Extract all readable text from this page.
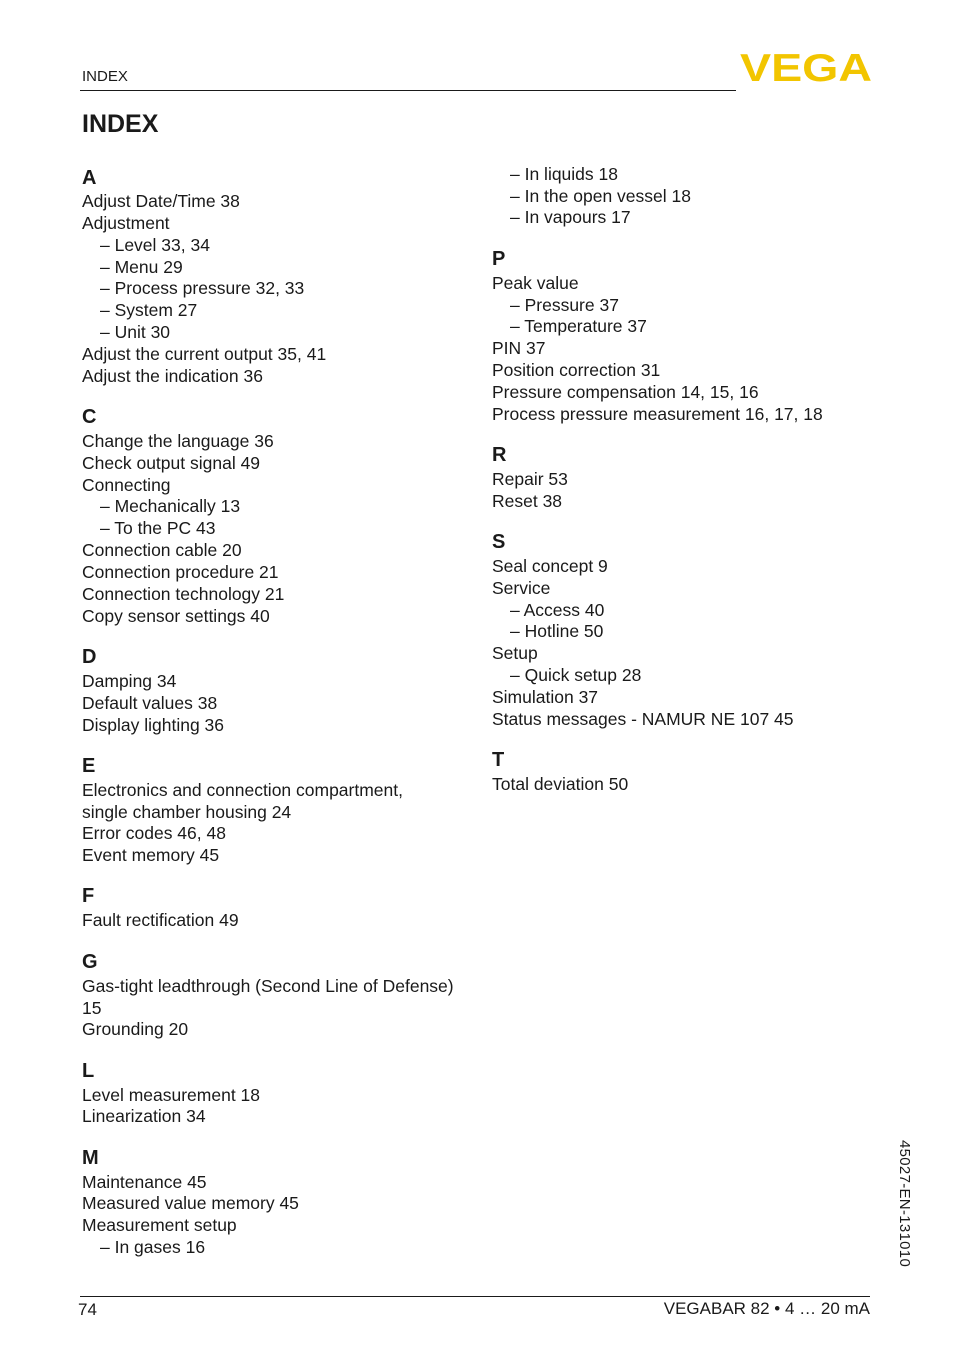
INDEX	VEGA
INDEX
A
Adjust Date/Time 38
Adjustment
– Level 33, 34
– Menu 29
– Process pressure 32, 33
– System 27
– Unit 30
Adjust the current output 35, 41
Adjust the indication 36
C
Change the language 36
Check output signal 49
Connecting
– Mechanically 13
– To the PC 43
Connection cable 20
Connection procedure 21
Connection technology 21
Copy sensor settings 40
D
Damping 34
Default values 38
Display lighting 36
E
Electronics and connection compartment,
single chamber housing 24
Error codes 46, 48
Event memory 45
F
Fault rectification 49
G
Gas-tight leadthrough (Second Line of Defense)
15
Grounding 20
L
Level measurement 18
Linearization 34
M
Maintenance 45
Measured value memory 45
Measurement setup
– In gases 16
– In liquids 18
– In the open vessel 18
– In vapours 17
P
Peak value
– Pressure 37
– Temperature 37
PIN 37
Position correction 31
Pressure compensation 14, 15, 16
Process pressure measurement 16, 17, 18
R
Repair 53
Reset 38
S
Seal concept 9
Service
– Access 40
– Hotline 50
Setup
– Quick setup 28
Simulation 37
Status messages - NAMUR NE 107 45
T
Total deviation 50
45027-EN-131010
74	VEGABAR 82 • 4 … 20 mA
